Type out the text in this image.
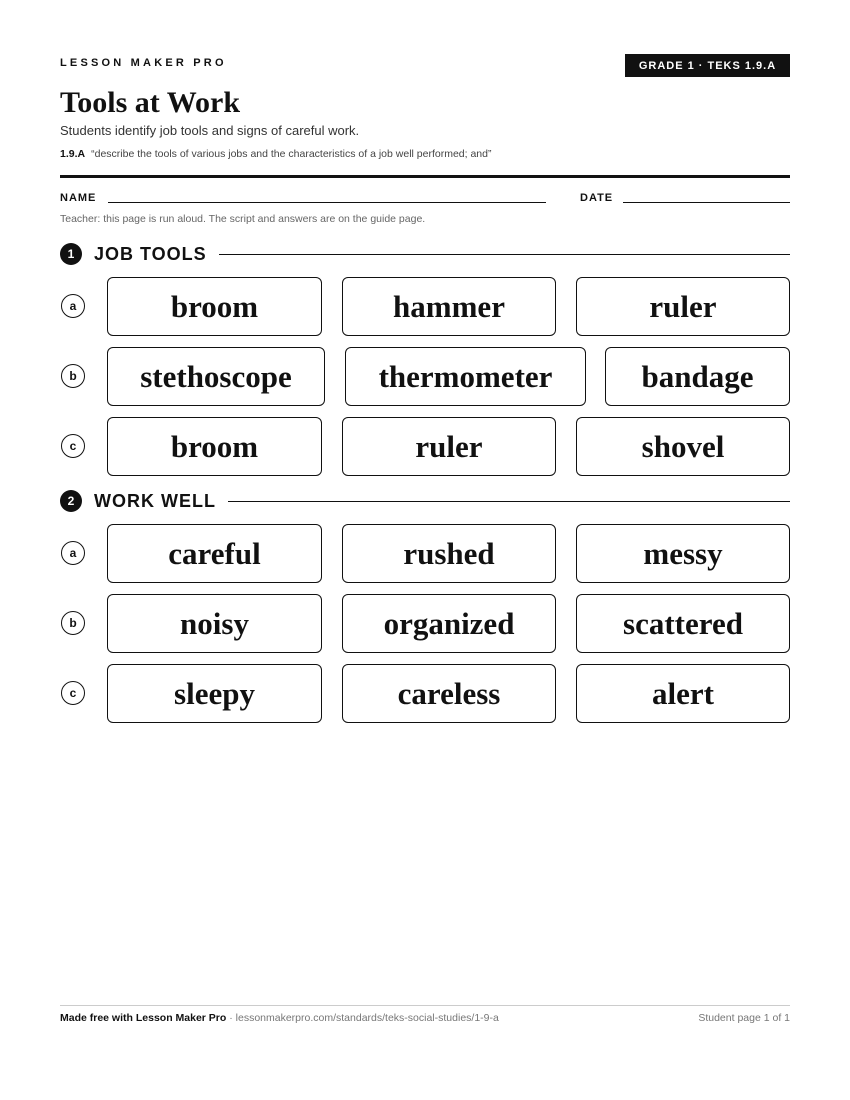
LESSON MAKER PRO	GRADE 1 · TEKS 1.9.A
Tools at Work
Students identify job tools and signs of careful work.
1.9.A “describe the tools of various jobs and the characteristics of a job well performed; and”
NAME	DATE
Teacher: this page is run aloud. The script and answers are on the guide page.
1	JOB TOOLS
a	broom	hammer	ruler
b	stethoscope	thermometer	bandage
c	broom	ruler	shovel
2	WORK WELL
a	careful	rushed	messy
b	noisy	organized	scattered
c	sleepy	careless	alert
Made free with Lesson Maker Pro · lessonmakerpro.com/standards/teks-social-studies/1-9-a	Student page 1 of 1
